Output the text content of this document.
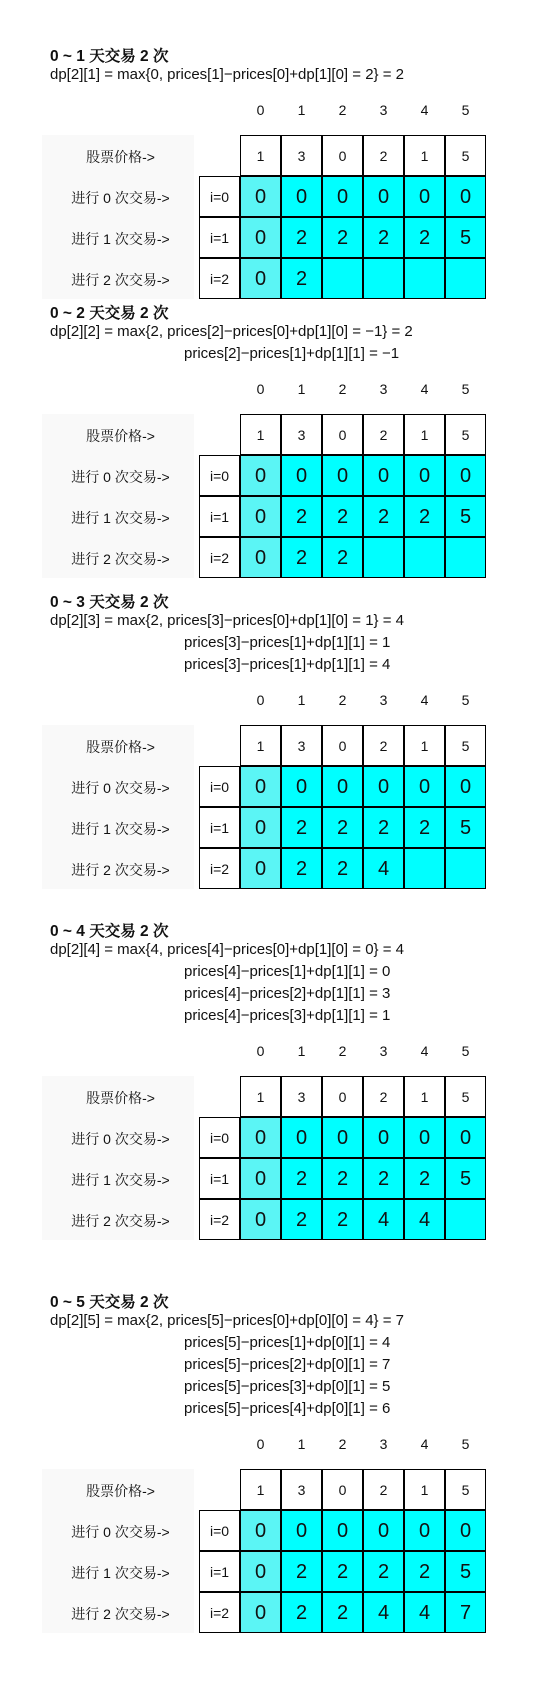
0 ~ 1 天交易 2 次
dp[2][1] = max{0, prices[1]−prices[0]+dp[1][0] = 2} = 2
0	1	2	3	4	5
股票价格->	1	3	0	2	1	5
进行 0 次交易->	i=0	0	0	0	0	0	0
进行 1 次交易->	i=1	0	2	2	2	2	5
进行 2 次交易->	i=2	0	2
0 ~ 2 天交易 2 次
dp[2][2] = max{2, prices[2]−prices[0]+dp[1][0] = −1} = 2
prices[2]−prices[1]+dp[1][1] = −1
0	1	2	3	4	5
股票价格->	1	3	0	2	1	5
进行 0 次交易->	i=0	0	0	0	0	0	0
进行 1 次交易->	i=1	0	2	2	2	2	5
进行 2 次交易->	i=2	0	2	2
0 ~ 3 天交易 2 次
dp[2][3] = max{2, prices[3]−prices[0]+dp[1][0] = 1} = 4
prices[3]−prices[1]+dp[1][1] = 1
prices[3]−prices[1]+dp[1][1] = 4
0	1	2	3	4	5
股票价格->	1	3	0	2	1	5
进行 0 次交易->	i=0	0	0	0	0	0	0
进行 1 次交易->	i=1	0	2	2	2	2	5
进行 2 次交易->	i=2	0	2	2	4
0 ~ 4 天交易 2 次
dp[2][4] = max{4, prices[4]−prices[0]+dp[1][0] = 0} = 4
prices[4]−prices[1]+dp[1][1] = 0
prices[4]−prices[2]+dp[1][1] = 3
prices[4]−prices[3]+dp[1][1] = 1
0	1	2	3	4	5
股票价格->	1	3	0	2	1	5
进行 0 次交易->	i=0	0	0	0	0	0	0
进行 1 次交易->	i=1	0	2	2	2	2	5
进行 2 次交易->	i=2	0	2	2	4	4
0 ~ 5 天交易 2 次
dp[2][5] = max{2, prices[5]−prices[0]+dp[0][0] = 4} = 7
prices[5]−prices[1]+dp[0][1] = 4
prices[5]−prices[2]+dp[0][1] = 7
prices[5]−prices[3]+dp[0][1] = 5
prices[5]−prices[4]+dp[0][1] = 6
0	1	2	3	4	5
股票价格->	1	3	0	2	1	5
进行 0 次交易->	i=0	0	0	0	0	0	0
进行 1 次交易->	i=1	0	2	2	2	2	5
进行 2 次交易->	i=2	0	2	2	4	4	7
